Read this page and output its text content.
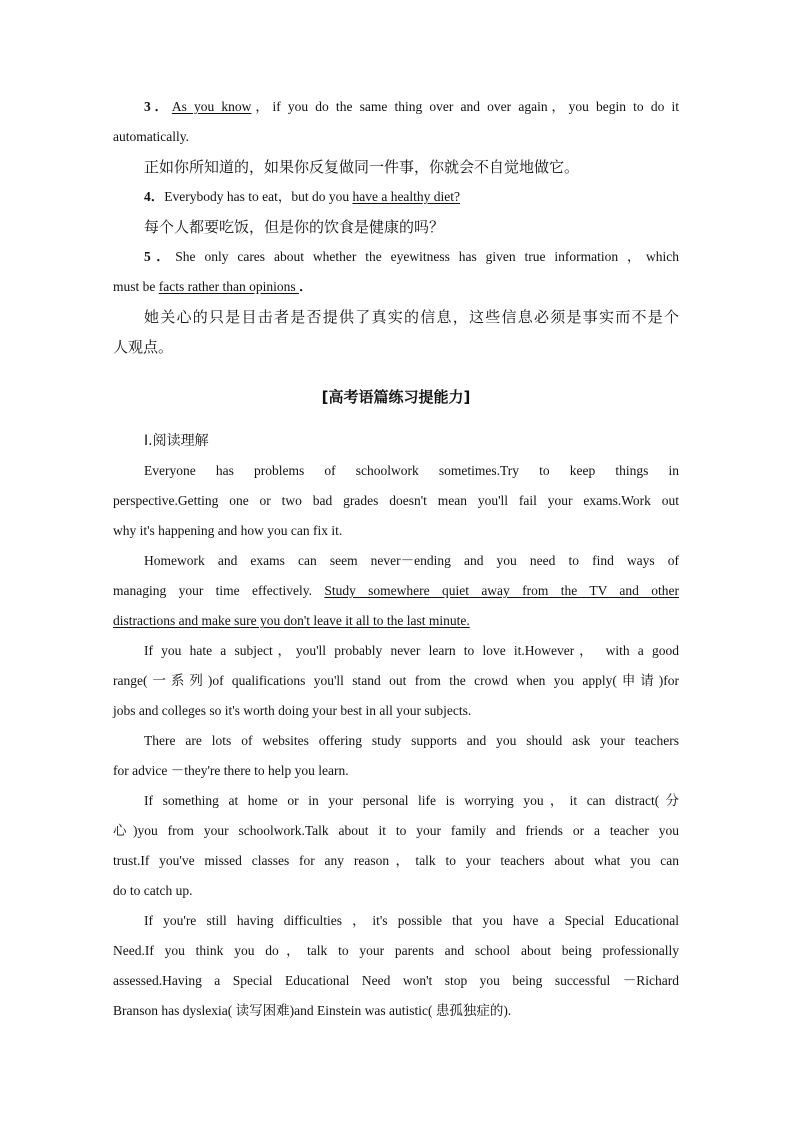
3．As you know，if you do the same thing over and over again，you begin to do it
automatically.
正如你所知道的，如果你反复做同一件事，你就会不自觉地做它。
4．Everybody has to eat，but do you have a healthy diet?
每个人都要吃饭，但是你的饮食是健康的吗？
5．She only cares about whether the eyewitness has given true information ，which
must be facts rather than opinions ．
她关心的只是目击者是否提供了真实的信息，这些信息必须是事实而不是个
人观点。
[高考语篇练习提能力]
Ⅰ.阅读理解
Everyone has problems of schoolwork sometimes.Try to keep things in
perspective.Getting one or two bad grades doesn't mean you'll fail your exams.Work out
why it's happening and how you can fix it.
Homework and exams can seem never－ending and you need to find ways of
managing your time effectively. Study somewhere quiet away from the TV and other
distractions and make sure you don't leave it all to the last minute.
If you hate a subject，you'll probably never learn to love it.However， with a good
range(一系列)of qualifications you'll stand out from the crowd when you apply(申请)for
jobs and colleges so it's worth doing your best in all your subjects.
There are lots of websites offering study supports and you should ask your teachers
for advice －they're there to help you learn.
If something at home or in your personal life is worrying you，it can distract(分
心)you from your schoolwork.Talk about it to your family and friends or a teacher you
trust.If you've missed classes for any reason，talk to your teachers about what you can
do to catch up.
If you're still having difficulties ，it's possible that you have a Special Educational
Need.If you think you do，talk to your parents and school about being professionally
assessed.Having a Special Educational Need won't stop you being successful －Richard
Branson has dyslexia( 读写困难)and Einstein was autistic( 患孤独症的).
